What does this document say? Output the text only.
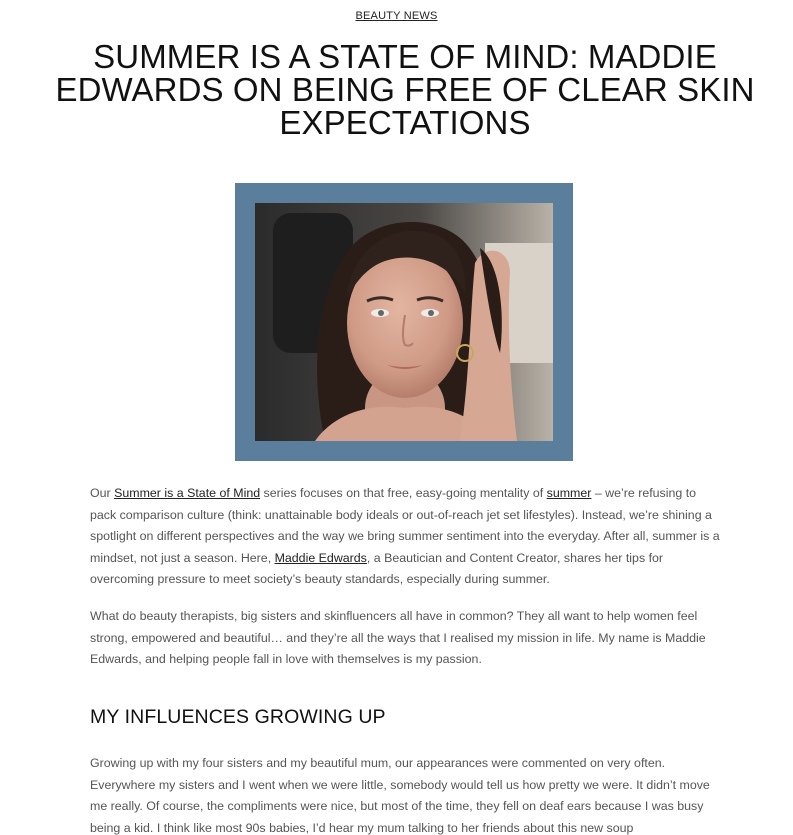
BEAUTY NEWS
SUMMER IS A STATE OF MIND: MADDIE EDWARDS ON BEING FREE OF CLEAR SKIN EXPECTATIONS

Our Summer is a State of Mind series focuses on that free, easy-going mentality of summer – we’re refusing to pack comparison culture (think: unattainable body ideals or out-of-reach jet set lifestyles). Instead, we’re shining a spotlight on different perspectives and the way we bring summer sentiment into the everyday. After all, summer is a mindset, not just a season. Here, Maddie Edwards, a Beautician and Content Creator, shares her tips for overcoming pressure to meet society’s beauty standards, especially during summer.

What do beauty therapists, big sisters and skinfluencers all have in common? They all want to help women feel strong, empowered and beautiful… and they’re all the ways that I realised my mission in life. My name is Maddie Edwards, and helping people fall in love with themselves is my passion.

MY INFLUENCES GROWING UP

Growing up with my four sisters and my beautiful mum, our appearances were commented on very often. Everywhere my sisters and I went when we were little, somebody would tell us how pretty we were. It didn’t move me really. Of course, the compliments were nice, but most of the time, they fell on deaf ears because I was busy being a kid. I think like most 90s babies, I’d hear my mum talking to her friends about this new soup
